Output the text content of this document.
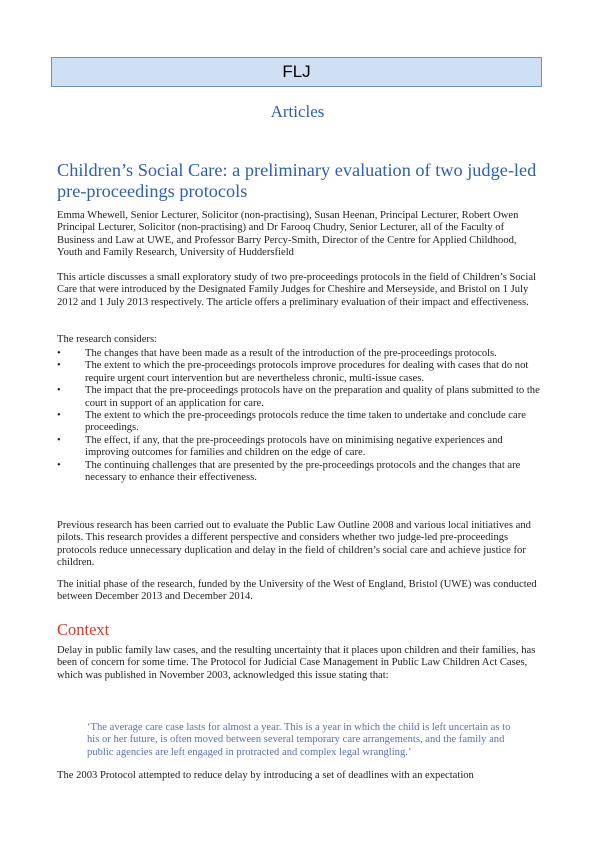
FLJ
Articles
Children’s Social Care: a preliminary evaluation of two judge-led pre-proceedings protocols
Emma Whewell, Senior Lecturer, Solicitor (non-practising), Susan Heenan, Principal Lecturer, Robert Owen Principal Lecturer, Solicitor (non-practising) and Dr Farooq Chudry, Senior Lecturer, all of the Faculty of Business and Law at UWE, and Professor Barry Percy-Smith, Director of the Centre for Applied Childhood, Youth and Family Research, University of Huddersfield
This article discusses a small exploratory study of two pre-proceedings protocols in the field of Children’s Social Care that were introduced by the Designated Family Judges for Cheshire and Merseyside, and Bristol on 1 July 2012 and 1 July 2013 respectively. The article offers a preliminary evaluation of their impact and effectiveness.
The research considers:
• The changes that have been made as a result of the introduction of the pre-proceedings protocols.
• The extent to which the pre-proceedings protocols improve procedures for dealing with cases that do not require urgent court intervention but are nevertheless chronic, multi-issue cases.
• The impact that the pre-proceedings protocols have on the preparation and quality of plans submitted to the court in support of an application for care.
• The extent to which the pre-proceedings protocols reduce the time taken to undertake and conclude care proceedings.
• The effect, if any, that the pre-proceedings protocols have on minimising negative experiences and improving outcomes for families and children on the edge of care.
• The continuing challenges that are presented by the pre-proceedings protocols and the changes that are necessary to enhance their effectiveness.
Previous research has been carried out to evaluate the Public Law Outline 2008 and various local initiatives and pilots. This research provides a different perspective and considers whether two judge-led pre-proceedings protocols reduce unnecessary duplication and delay in the field of children’s social care and achieve justice for children.
The initial phase of the research, funded by the University of the West of England, Bristol (UWE) was conducted between December 2013 and December 2014.
Context
Delay in public family law cases, and the resulting uncertainty that it places upon children and their families, has been of concern for some time. The Protocol for Judicial Case Management in Public Law Children Act Cases, which was published in November 2003, acknowledged this issue stating that:
‘The average care case lasts for almost a year. This is a year in which the child is left uncertain as to his or her future, is often moved between several temporary care arrangements, and the family and public agencies are left engaged in protracted and complex legal wrangling.’
The 2003 Protocol attempted to reduce delay by introducing a set of deadlines with an expectation
